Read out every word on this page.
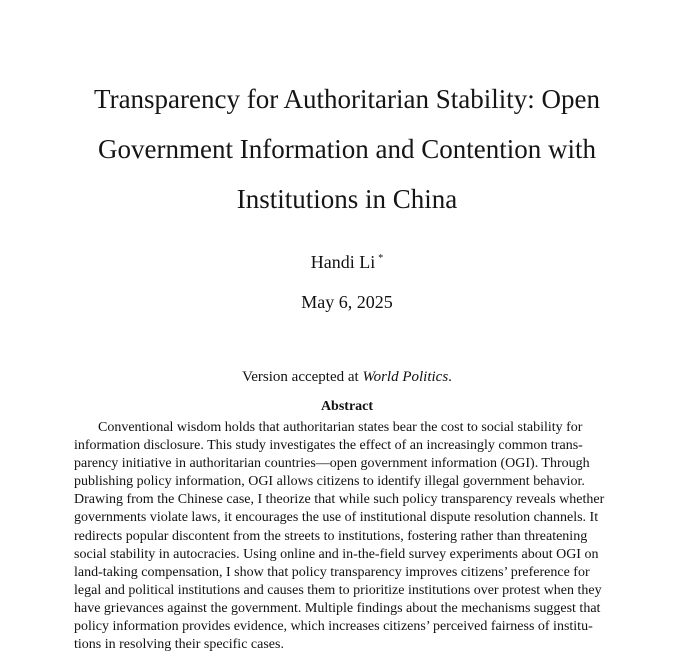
Transparency for Authoritarian Stability: Open
Government Information and Contention with
Institutions in China
Handi Li *
May 6, 2025
Version accepted at World Politics.
Abstract
Conventional wisdom holds that authoritarian states bear the cost to social stability for
information disclosure. This study investigates the effect of an increasingly common trans-
parency initiative in authoritarian countries—open government information (OGI). Through
publishing policy information, OGI allows citizens to identify illegal government behavior.
Drawing from the Chinese case, I theorize that while such policy transparency reveals whether
governments violate laws, it encourages the use of institutional dispute resolution channels. It
redirects popular discontent from the streets to institutions, fostering rather than threatening
social stability in autocracies. Using online and in-the-field survey experiments about OGI on
land-taking compensation, I show that policy transparency improves citizens’ preference for
legal and political institutions and causes them to prioritize institutions over protest when they
have grievances against the government. Multiple findings about the mechanisms suggest that
policy information provides evidence, which increases citizens’ perceived fairness of institu-
tions in resolving their specific cases.
